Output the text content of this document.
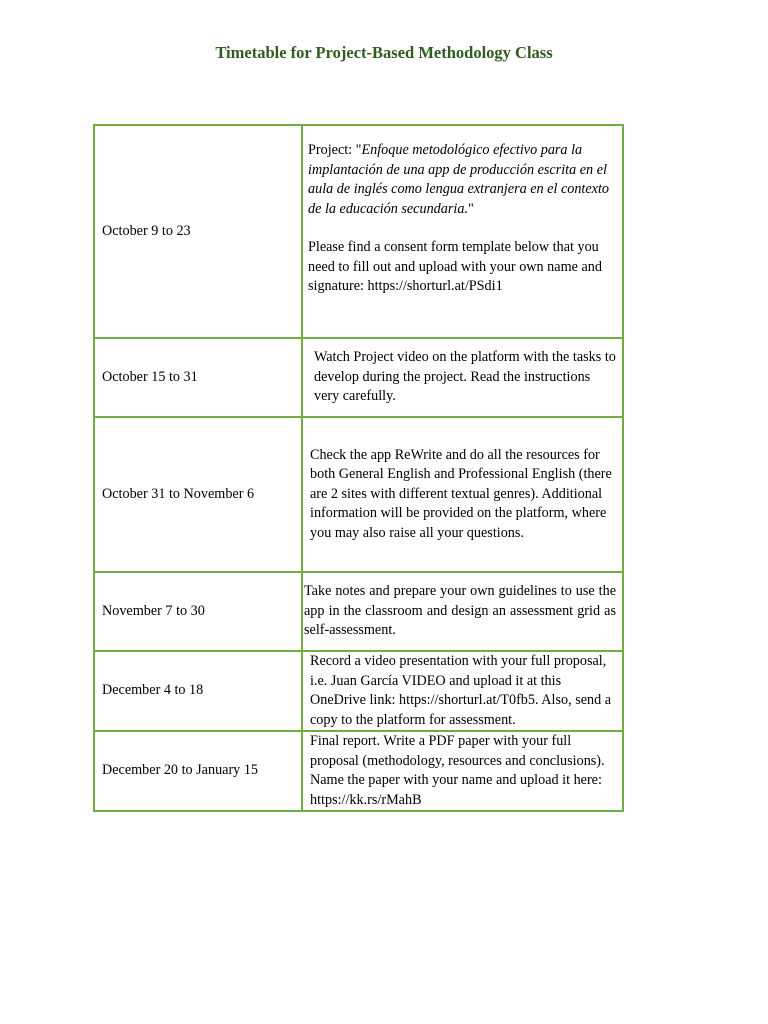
Timetable for Project-Based Methodology Class
October 9 to 23	Project: "Enfoque metodológico efectivo para la implantación de una app de producción escrita en el aula de inglés como lengua extranjera en el contexto de la educación secundaria."
Please find a consent form template below that you need to fill out and upload with your own name and signature: https://shorturl.at/PSdi1

October 15 to 31	Watch Project video on the platform with the tasks to develop during the project. Read the instructions very carefully.
October 31 to November 6	Check the app ReWrite and do all the resources for both General English and Professional English (there are 2 sites with different textual genres). Additional information will be provided on the platform, where you may also raise all your questions.
November 7 to 30	Take notes and prepare your own guidelines to use the app in the classroom and design an assessment grid as self-assessment.
December 4 to 18	Record a video presentation with your full proposal, i.e. Juan García VIDEO and upload it at this OneDrive link: https://shorturl.at/T0fb5. Also, send a copy to the platform for assessment.
December 20 to January 15	Final report. Write a PDF paper with your full proposal (methodology, resources and conclusions). Name the paper with your name and upload it here: https://kk.rs/rMahB
